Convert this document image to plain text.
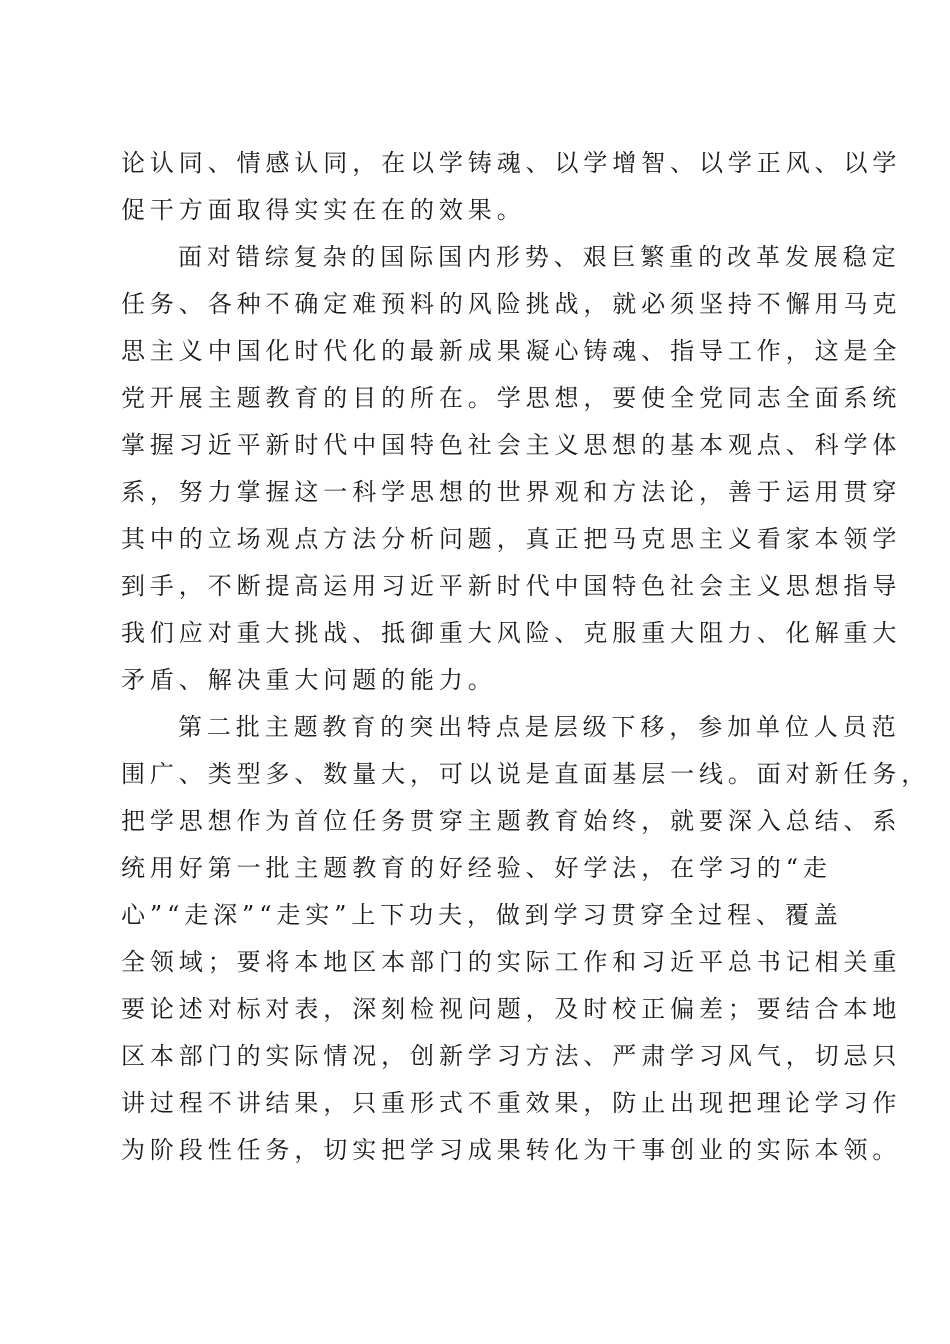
论认同、情感认同，在以学铸魂、以学增智、以学正风、以学
促干方面取得实实在在的效果。
面对错综复杂的国际国内形势、艰巨繁重的改革发展稳定
任务、各种不确定难预料的风险挑战，就必须坚持不懈用马克
思主义中国化时代化的最新成果凝心铸魂、指导工作，这是全
党开展主题教育的目的所在。学思想，要使全党同志全面系统
掌握习近平新时代中国特色社会主义思想的基本观点、科学体
系，努力掌握这一科学思想的世界观和方法论，善于运用贯穿
其中的立场观点方法分析问题，真正把马克思主义看家本领学
到手，不断提高运用习近平新时代中国特色社会主义思想指导
我们应对重大挑战、抵御重大风险、克服重大阻力、化解重大
矛盾、解决重大问题的能力。
第二批主题教育的突出特点是层级下移，参加单位人员范
围广、类型多、数量大，可以说是直面基层一线。面对新任务，
把学思想作为首位任务贯穿主题教育始终，就要深入总结、系
统用好第一批主题教育的好经验、好学法，在学习的“走
心”“走深”“走实”上下功夫，做到学习贯穿全过程、覆盖
全领域；要将本地区本部门的实际工作和习近平总书记相关重
要论述对标对表，深刻检视问题，及时校正偏差；要结合本地
区本部门的实际情况，创新学习方法、严肃学习风气，切忌只
讲过程不讲结果，只重形式不重效果，防止出现把理论学习作
为阶段性任务，切实把学习成果转化为干事创业的实际本领。
